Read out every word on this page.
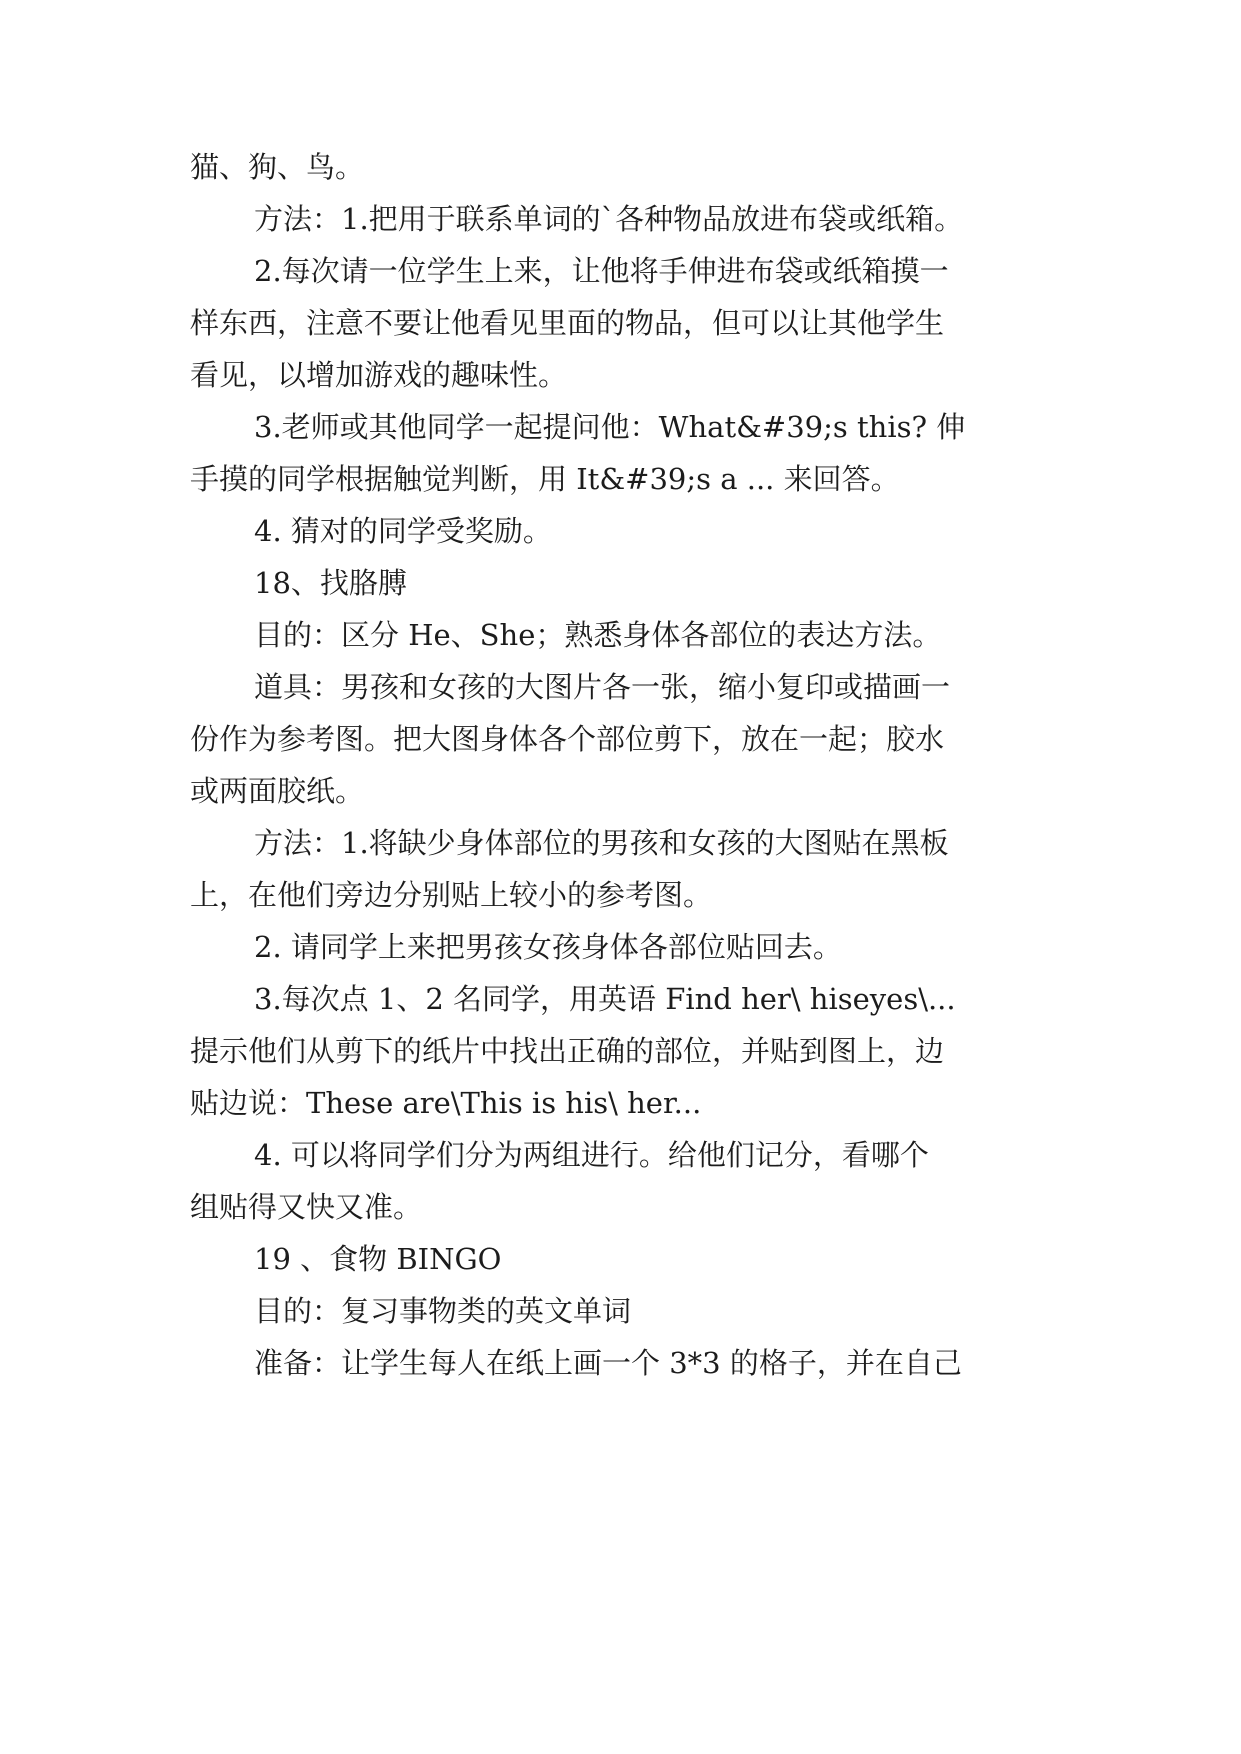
猫、狗、鸟。
方法：1.把用于联系单词的`各种物品放进布袋或纸箱。
2.每次请一位学生上来，让他将手伸进布袋或纸箱摸一
样东西，注意不要让他看见里面的物品，但可以让其他学生
看见，以增加游戏的趣味性。
3.老师或其他同学一起提问他：What&#39;s this? 伸
手摸的同学根据触觉判断，用 It&#39;s a ... 来回答。
4. 猜对的同学受奖励。
18、找胳膊
目的：区分 He、She；熟悉身体各部位的表达方法。
道具：男孩和女孩的大图片各一张，缩小复印或描画一
份作为参考图。把大图身体各个部位剪下，放在一起；胶水
或两面胶纸。
方法：1.将缺少身体部位的男孩和女孩的大图贴在黑板
上，在他们旁边分别贴上较小的参考图。
2. 请同学上来把男孩女孩身体各部位贴回去。
3.每次点 1、2 名同学，用英语 Find her\ hiseyes\...
提示他们从剪下的纸片中找出正确的部位，并贴到图上，边
贴边说：These are\This is his\ her...
4. 可以将同学们分为两组进行。给他们记分，看哪个
组贴得又快又准。
19 、食物 BINGO
目的：复习事物类的英文单词
准备：让学生每人在纸上画一个 3*3 的格子，并在自己
